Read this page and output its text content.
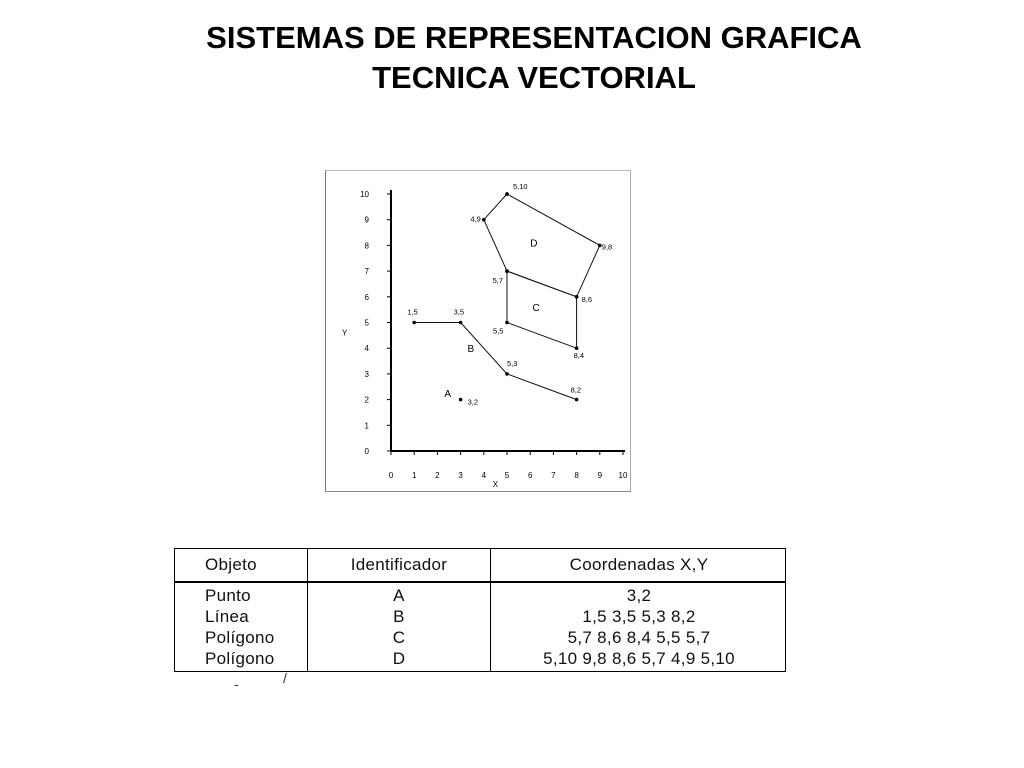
SISTEMAS DE REPRESENTACION GRAFICA
TECNICA VECTORIAL
0 1 2 3 4 5 6 7 8 9 10
0
1
2
3
4
5
6
7
8
9
10
X
Y
3,2
A
1,5	3,5
5,3
8,2
B
5,7
8,6
8,4
5,5
C
5,10
9,8
4,9
D
Objeto	Identificador	Coordenadas X,Y
Punto	A	3,2
Línea	B	1,5 3,5 5,3 8,2
Polígono	C	5,7 8,6 8,4 5,5 5,7
Polígono	D	5,10 9,8 8,6 5,7 4,9 5,10
-	/
